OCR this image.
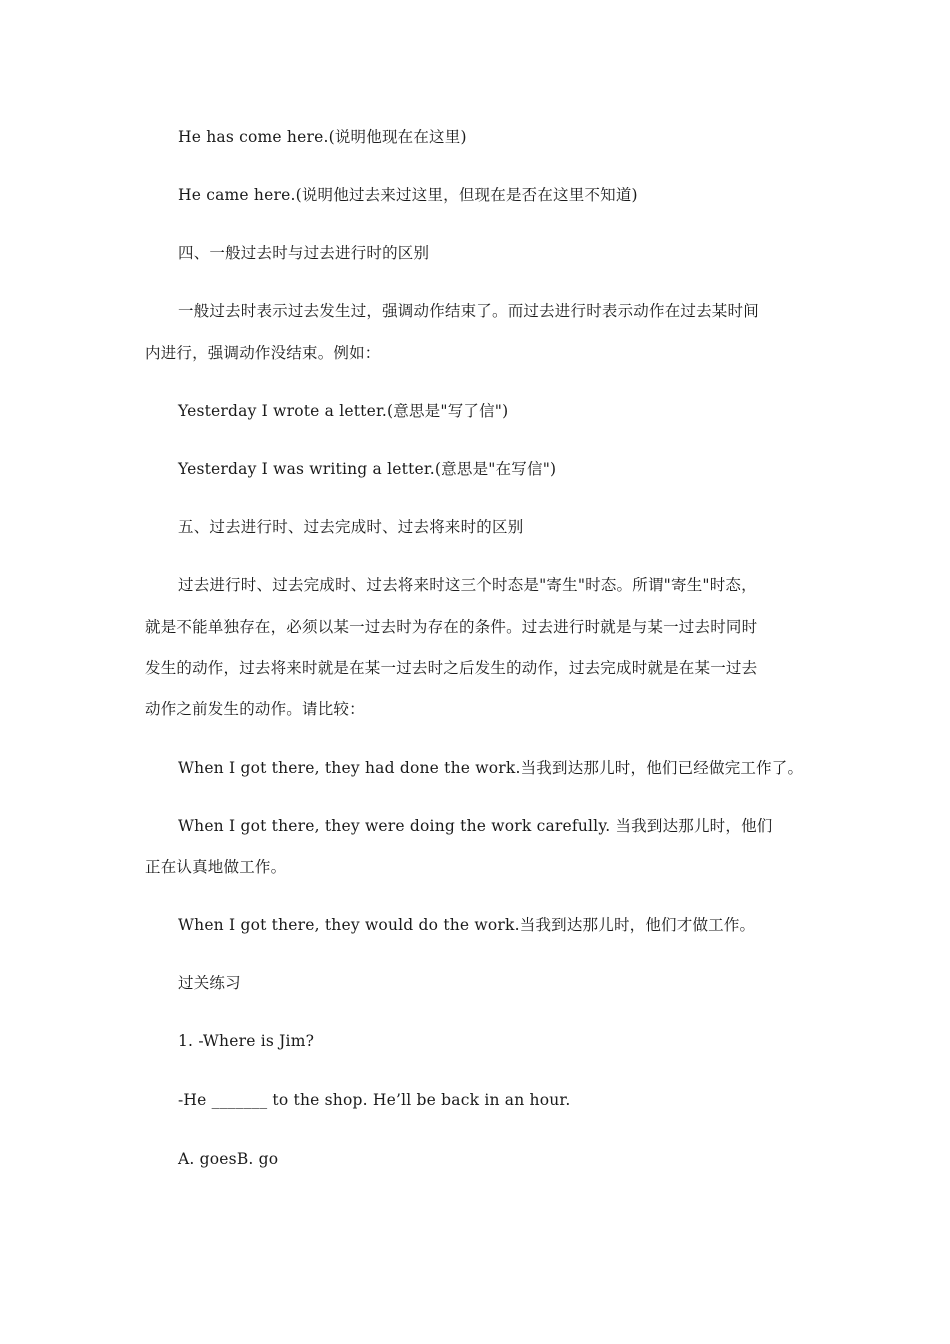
He has come here.(说明他现在在这里)
He came here.(说明他过去来过这里，但现在是否在这里不知道)
四、一般过去时与过去进行时的区别
一般过去时表示过去发生过，强调动作结束了。而过去进行时表示动作在过去某时间
内进行，强调动作没结束。例如：
Yesterday I wrote a letter.(意思是"写了信")
Yesterday I was writing a letter.(意思是"在写信")
五、过去进行时、过去完成时、过去将来时的区别
过去进行时、过去完成时、过去将来时这三个时态是"寄生"时态。所谓"寄生"时态，
就是不能单独存在，必须以某一过去时为存在的条件。过去进行时就是与某一过去时同时
发生的动作，过去将来时就是在某一过去时之后发生的动作，过去完成时就是在某一过去
动作之前发生的动作。请比较：
When I got there, they had done the work.当我到达那儿时，他们已经做完工作了。
When I got there, they were doing the work carefully. 当我到达那儿时，他们
正在认真地做工作。
When I got there, they would do the work.当我到达那儿时，他们才做工作。
过关练习
1. -Where is Jim?
-He _______ to the shop. He’ll be back in an hour.
A. goesB. go
